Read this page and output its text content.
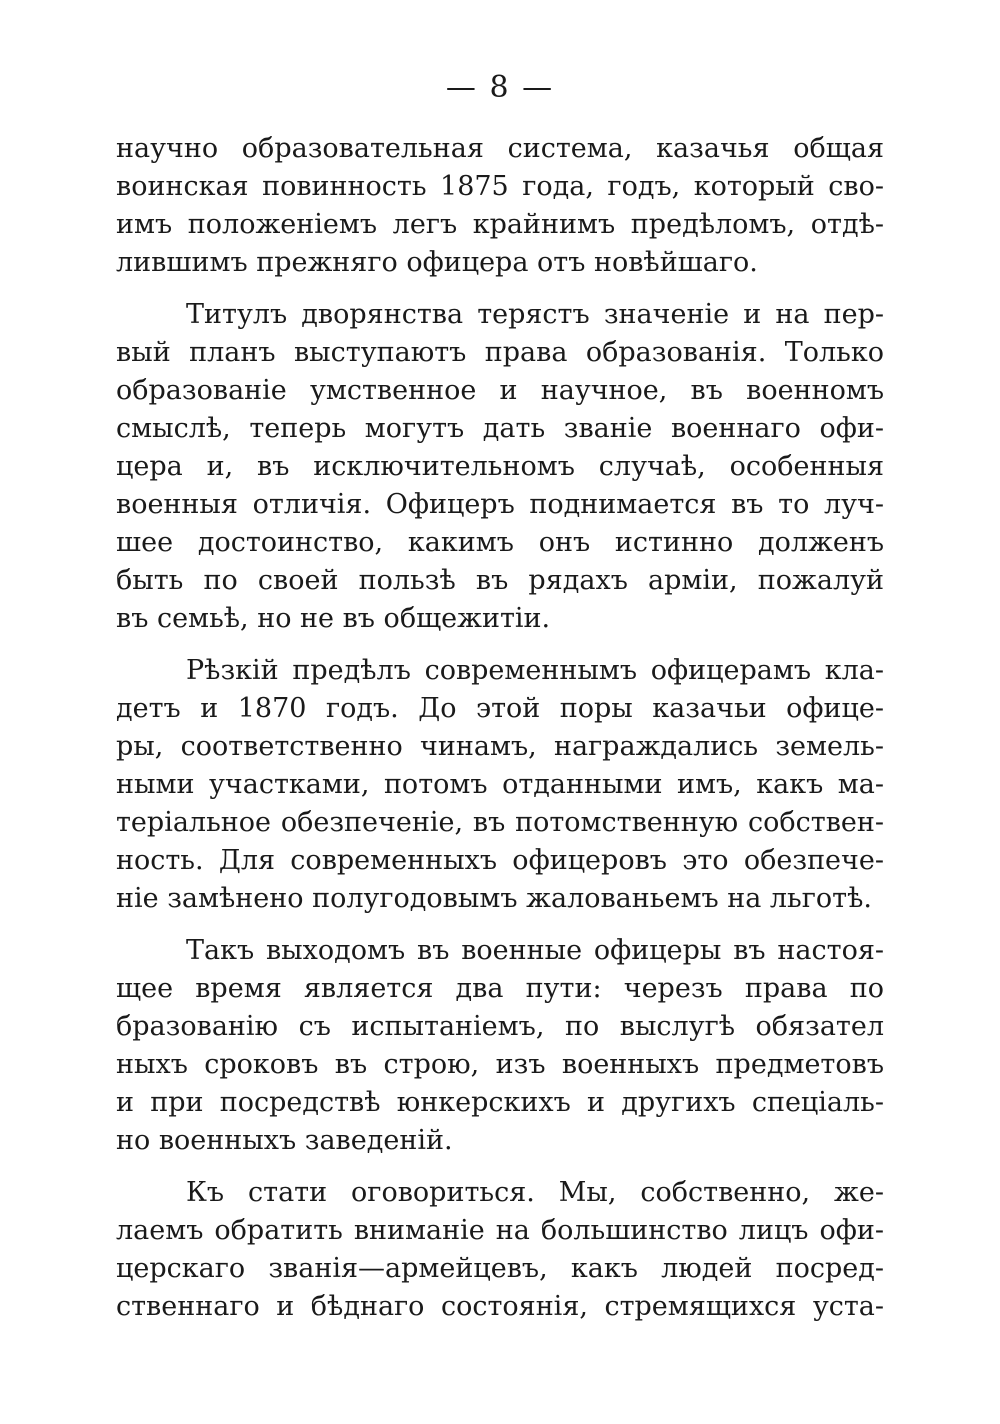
— 8 —
научно образовательная система, казачья общая
воинская повинность 1875 года, годъ, который сво-
имъ положенiемъ легъ крайнимъ предѣломъ, отдѣ-
лившимъ прежняго офицера отъ новѣйшаго.
Титулъ дворянства терястъ значенiе и на пер-
вый планъ выступаютъ права образованiя. Только
образованiе умственное и научное, въ военномъ
смыслѣ, теперь могутъ дать званiе военнаго офи-
цера и, въ исключительномъ случаѣ, особенныя
военныя отличiя. Офицеръ поднимается въ то луч-
шее достоинство, какимъ онъ истинно долженъ
быть по своей пользѣ въ рядахъ армiи, пожалуй
въ семьѣ, но не въ общежитiи.
Рѣзкiй предѣлъ современнымъ офицерамъ кла-
детъ и 1870 годъ. До этой поры казачьи офице-
ры, соответственно чинамъ, награждались земель-
ными участками, потомъ отданными имъ, какъ ма-
терiальное обезпеченiе, въ потомственную собствен-
ность. Для современныхъ офицеровъ это обезпече-
нiе замѣнено полугодовымъ жалованьемъ на льготѣ.
Такъ выходомъ въ военные офицеры въ настоя-
щее время является два пути: черезъ права по
бразованiю съ испытанiемъ, по выслугѣ обязател
ныхъ сроковъ въ строю, изъ военныхъ предметовъ
и при посредствѣ юнкерскихъ и другихъ спецiаль-
но военныхъ заведенiй.
Къ стати оговориться. Мы, собственно, же-
лаемъ обратить вниманiе на большинство лицъ офи-
церскаго званiя—армейцевъ, какъ людей посред-
ственнаго и бѣднаго состоянiя, стремящихся уста-
